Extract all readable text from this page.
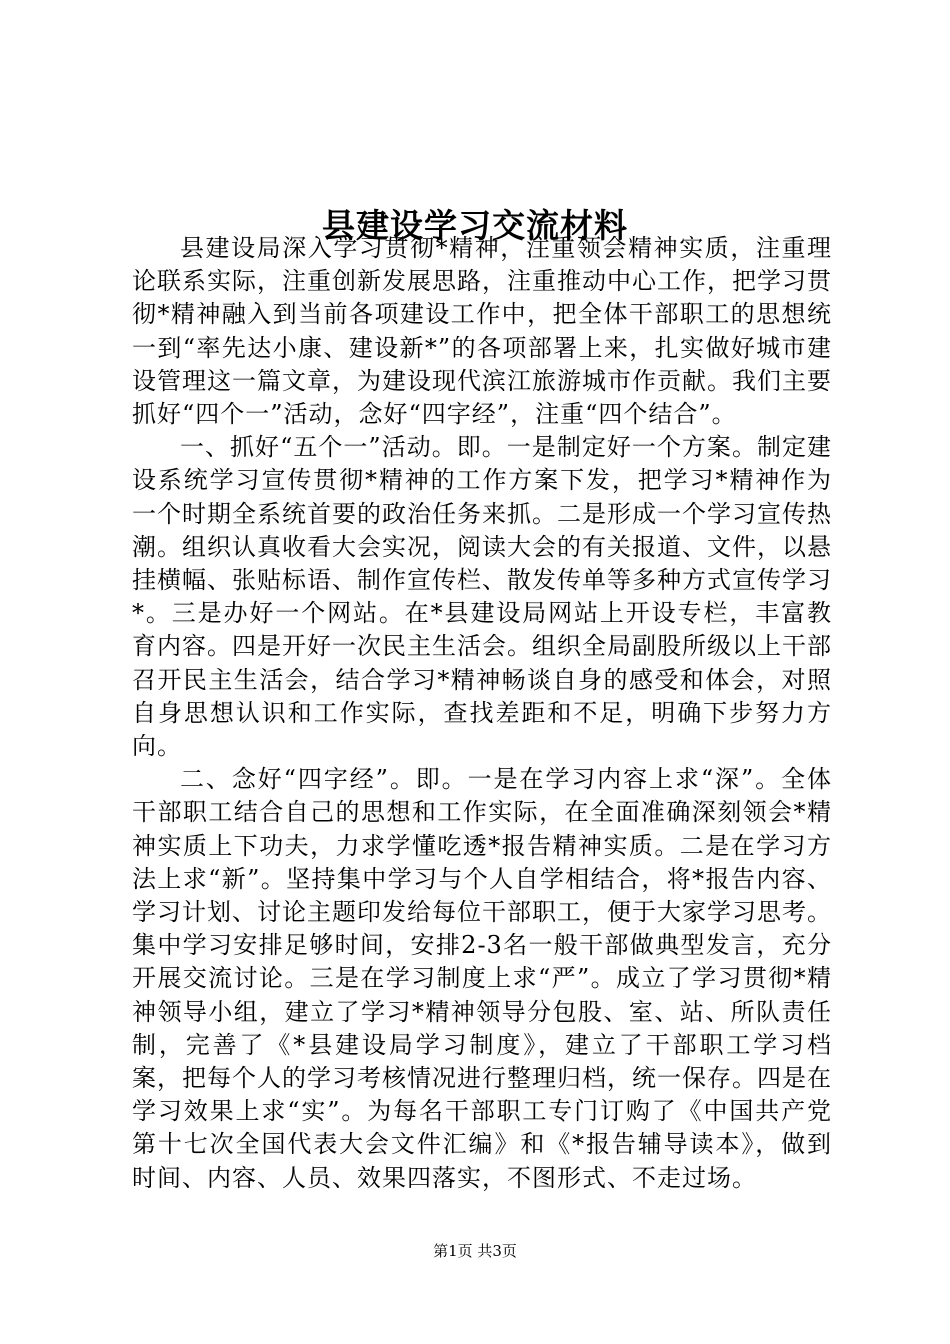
县建设学习交流材料

县建设局深入学习贯彻*精神，注重领会精神实质，注重理论联系实际，注重创新发展思路，注重推动中心工作，把学习贯彻*精神融入到当前各项建设工作中，把全体干部职工的思想统一到“率先达小康、建设新*”的各项部署上来，扎实做好城市建设管理这一篇文章，为建设现代滨江旅游城市作贡献。我们主要抓好“四个一”活动，念好“四字经”，注重“四个结合”。

一、抓好“五个一”活动。即。一是制定好一个方案。制定建设系统学习宣传贯彻*精神的工作方案下发，把学习*精神作为一个时期全系统首要的政治任务来抓。二是形成一个学习宣传热潮。组织认真收看大会实况，阅读大会的有关报道、文件，以悬挂横幅、张贴标语、制作宣传栏、散发传单等多种方式宣传学习*。三是办好一个网站。在*县建设局网站上开设专栏，丰富教育内容。四是开好一次民主生活会。组织全局副股所级以上干部召开民主生活会，结合学习*精神畅谈自身的感受和体会，对照自身思想认识和工作实际，查找差距和不足，明确下步努力方向。

二、念好“四字经”。即。一是在学习内容上求“深”。全体干部职工结合自己的思想和工作实际，在全面准确深刻领会*精神实质上下功夫，力求学懂吃透*报告精神实质。二是在学习方法上求“新”。坚持集中学习与个人自学相结合，将*报告内容、学习计划、讨论主题印发给每位干部职工，便于大家学习思考。集中学习安排足够时间，安排2-3名一般干部做典型发言，充分开展交流讨论。三是在学习制度上求“严”。成立了学习贯彻*精神领导小组，建立了学习*精神领导分包股、室、站、所队责任制，完善了《*县建设局学习制度》，建立了干部职工学习档案，把每个人的学习考核情况进行整理归档，统一保存。四是在学习效果上求“实”。为每名干部职工专门订购了《中国共产党第十七次全国代表大会文件汇编》和《*报告辅导读本》，做到时间、内容、人员、效果四落实，不图形式、不走过场。

第1页 共3页
